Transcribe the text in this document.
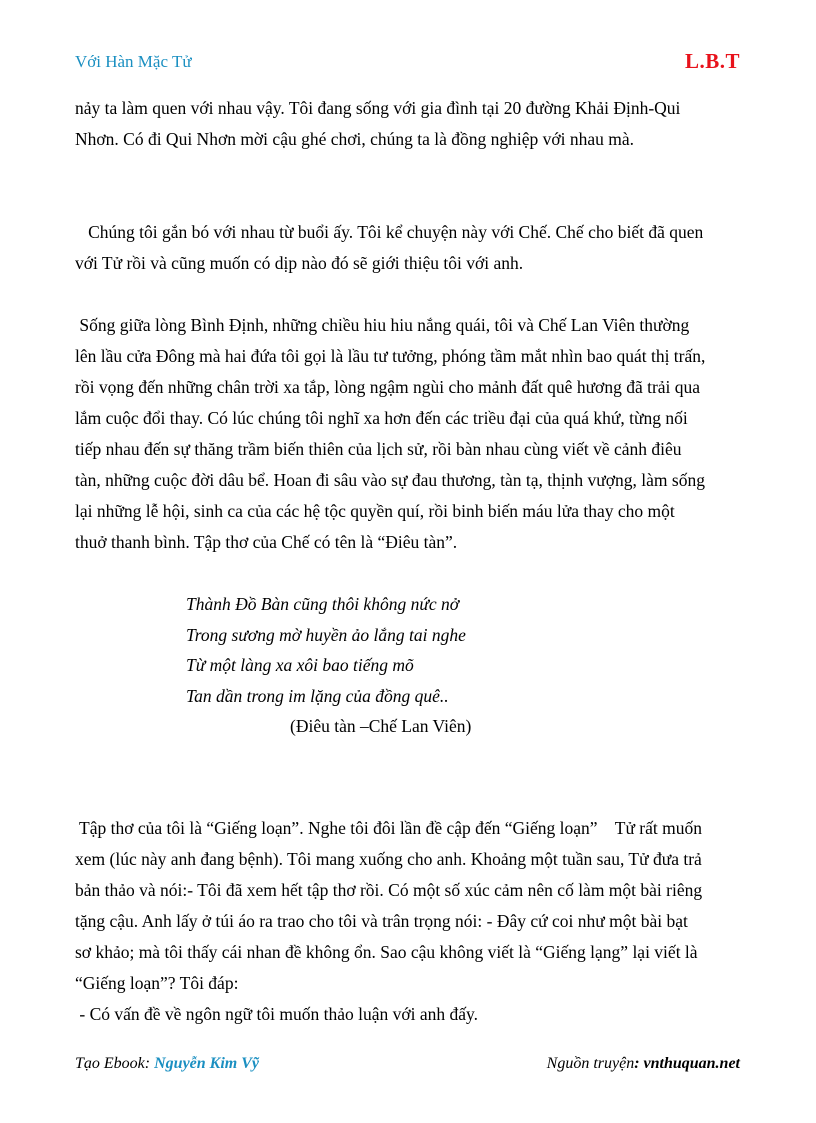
Với Hàn Mặc Tử	L.B.T

nảy ta làm quen với nhau vậy. Tôi đang sống với gia đình tại 20 đường Khải Định-Qui
Nhơn. Có đi Qui Nhơn mời cậu ghé chơi, chúng ta là đồng nghiệp với nhau mà.

Chúng tôi gắn bó với nhau từ buổi ấy. Tôi kể chuyện này với Chế. Chế cho biết đã quen
với Tử rồi và cũng muốn có dịp nào đó sẽ giới thiệu tôi với anh.

Sống giữa lòng Bình Định, những chiều hiu hiu nắng quái, tôi và Chế Lan Viên thường
lên lầu cửa Đông mà hai đứa tôi gọi là lầu tư tưởng, phóng tầm mắt nhìn bao quát thị trấn,
rồi vọng đến những chân trời xa tắp, lòng ngậm ngùi cho mảnh đất quê hương đã trải qua
lắm cuộc đổi thay. Có lúc chúng tôi nghĩ xa hơn đến các triều đại của quá khứ, từng nối
tiếp nhau đến sự thăng trầm biến thiên của lịch sử, rồi bàn nhau cùng viết về cảnh điêu
tàn, những cuộc đời dâu bể. Hoan đi sâu vào sự đau thương, tàn tạ, thịnh vượng, làm sống
lại những lễ hội, sinh ca của các hệ tộc quyền quí, rồi binh biến máu lửa thay cho một
thuở thanh bình. Tập thơ của Chế có tên là “Điêu tàn”.

Thành Đồ Bàn cũng thôi không nức nở

Trong sương mờ huyền ảo lắng tai nghe

Từ một làng xa xôi bao tiếng mõ

Tan dần trong im lặng của đồng quê..

(Điêu tàn –Chế Lan Viên)

Tập thơ của tôi là “Giếng loạn”. Nghe tôi đôi lần đề cập đến “Giếng loạn”    Tử rất muốn
xem (lúc này anh đang bệnh). Tôi mang xuống cho anh. Khoảng một tuần sau, Tử đưa trả
bản thảo và nói:- Tôi đã xem hết tập thơ rồi. Có một số xúc cảm nên cố làm một bài riêng
tặng cậu. Anh lấy ở túi áo ra trao cho tôi và trân trọng nói: - Đây cứ coi như một bài bạt
sơ khảo; mà tôi thấy cái nhan đề không ổn. Sao cậu không viết là “Giếng lạng” lại viết là
“Giếng loạn”? Tôi đáp:
- Có vấn đề về ngôn ngữ tôi muốn thảo luận với anh đấy.

Tạo Ebook: Nguyễn Kim Vỹ	Nguồn truyện: vnthuquan.net
